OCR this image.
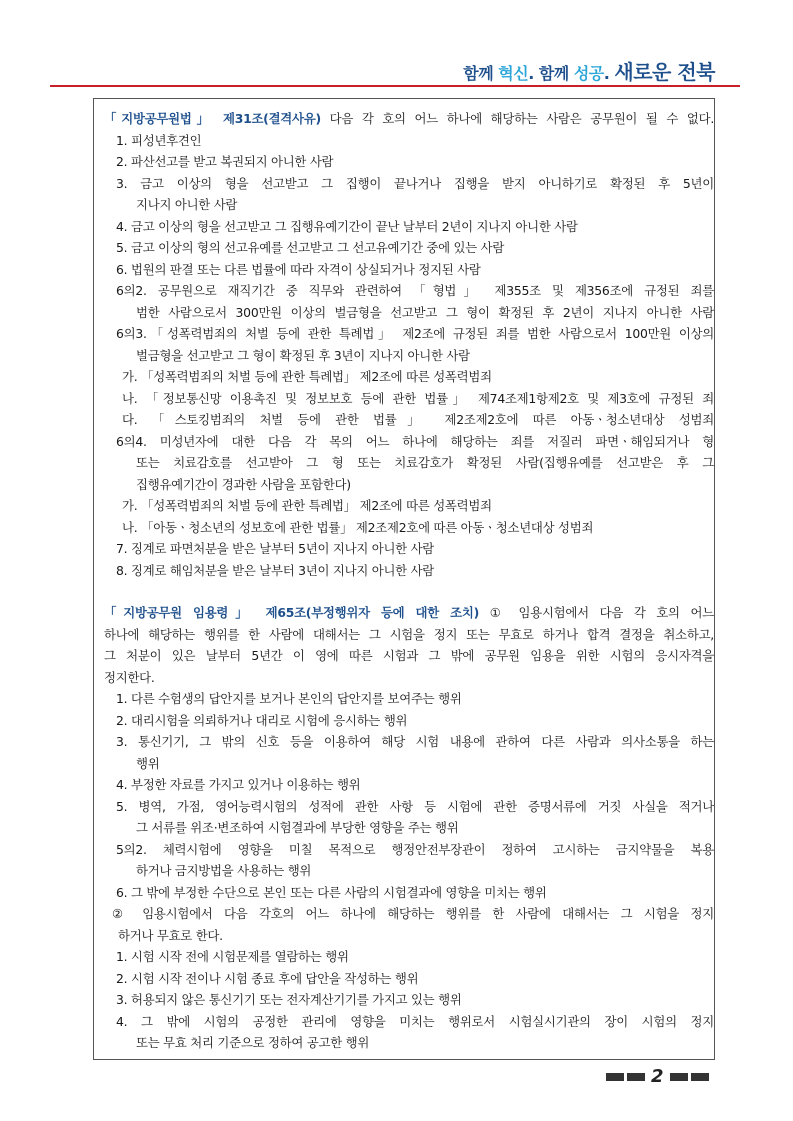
함께 혁신. 함께 성공. 새로운 전북

「지방공무원법」 제31조(결격사유) 다음 각 호의 어느 하나에 해당하는 사람은 공무원이 될 수 없다.

1. 피성년후견인

2. 파산선고를 받고 복권되지 아니한 사람

3. 금고 이상의 형을 선고받고 그 집행이 끝나거나 집행을 받지 아니하기로 확정된 후 5년이

지나지 아니한 사람

4. 금고 이상의 형을 선고받고 그 집행유예기간이 끝난 날부터 2년이 지나지 아니한 사람

5. 금고 이상의 형의 선고유예를 선고받고 그 선고유예기간 중에 있는 사람

6. 법원의 판결 또는 다른 법률에 따라 자격이 상실되거나 정지된 사람

6의2. 공무원으로 재직기간 중 직무와 관련하여 「형법」 제355조 및 제356조에 규정된 죄를

범한 사람으로서 300만원 이상의 벌금형을 선고받고 그 형이 확정된 후 2년이 지나지 아니한 사람

6의3.「성폭력범죄의 처벌 등에 관한 특례법」 제2조에 규정된 죄를 범한 사람으로서 100만원 이상의

벌금형을 선고받고 그 형이 확정된 후 3년이 지나지 아니한 사람

가. 「성폭력범죄의 처벌 등에 관한 특례법」 제2조에 따른 성폭력범죄

나. 「정보통신망 이용촉진 및 정보보호 등에 관한 법률」 제74조제1항제2호 및 제3호에 규정된 죄

다. 「스토킹범죄의 처벌 등에 관한 법률」 제2조제2호에 따른 아동ㆍ청소년대상 성범죄

6의4. 미성년자에 대한 다음 각 목의 어느 하나에 해당하는 죄를 저질러 파면ㆍ해임되거나 형

또는 치료감호를 선고받아 그 형 또는 치료감호가 확정된 사람(집행유예를 선고받은 후 그

집행유예기간이 경과한 사람을 포함한다)

가. 「성폭력범죄의 처벌 등에 관한 특례법」 제2조에 따른 성폭력범죄

나. 「아동ㆍ청소년의 성보호에 관한 법률」 제2조제2호에 따른 아동ㆍ청소년대상 성범죄

7. 징계로 파면처분을 받은 날부터 5년이 지나지 아니한 사람

8. 징계로 해임처분을 받은 날부터 3년이 지나지 아니한 사람

「지방공무원 임용령」 제65조(부정행위자 등에 대한 조치) ① 임용시험에서 다음 각 호의 어느

하나에 해당하는 행위를 한 사람에 대해서는 그 시험을 정지 또는 무효로 하거나 합격 결정을 취소하고,

그 처분이 있은 날부터 5년간 이 영에 따른 시험과 그 밖에 공무원 임용을 위한 시험의 응시자격을

정지한다.

1. 다른 수험생의 답안지를 보거나 본인의 답안지를 보여주는 행위

2. 대리시험을 의뢰하거나 대리로 시험에 응시하는 행위

3. 통신기기, 그 밖의 신호 등을 이용하여 해당 시험 내용에 관하여 다른 사람과 의사소통을 하는

행위

4. 부정한 자료를 가지고 있거나 이용하는 행위

5. 병역, 가점, 영어능력시험의 성적에 관한 사항 등 시험에 관한 증명서류에 거짓 사실을 적거나

그 서류를 위조·변조하여 시험결과에 부당한 영향을 주는 행위

5의2. 체력시험에 영향을 미칠 목적으로 행정안전부장관이 정하여 고시하는 금지약물을 복용

하거나 금지방법을 사용하는 행위

6. 그 밖에 부정한 수단으로 본인 또는 다른 사람의 시험결과에 영향을 미치는 행위

② 임용시험에서 다음 각호의 어느 하나에 해당하는 행위를 한 사람에 대해서는 그 시험을 정지

하거나 무효로 한다.

1. 시험 시작 전에 시험문제를 열람하는 행위

2. 시험 시작 전이나 시험 종료 후에 답안을 작성하는 행위

3. 허용되지 않은 통신기기 또는 전자계산기기를 가지고 있는 행위

4. 그 밖에 시험의 공정한 관리에 영향을 미치는 행위로서 시험실시기관의 장이 시험의 정지

또는 무효 처리 기준으로 정하여 공고한 행위

2
